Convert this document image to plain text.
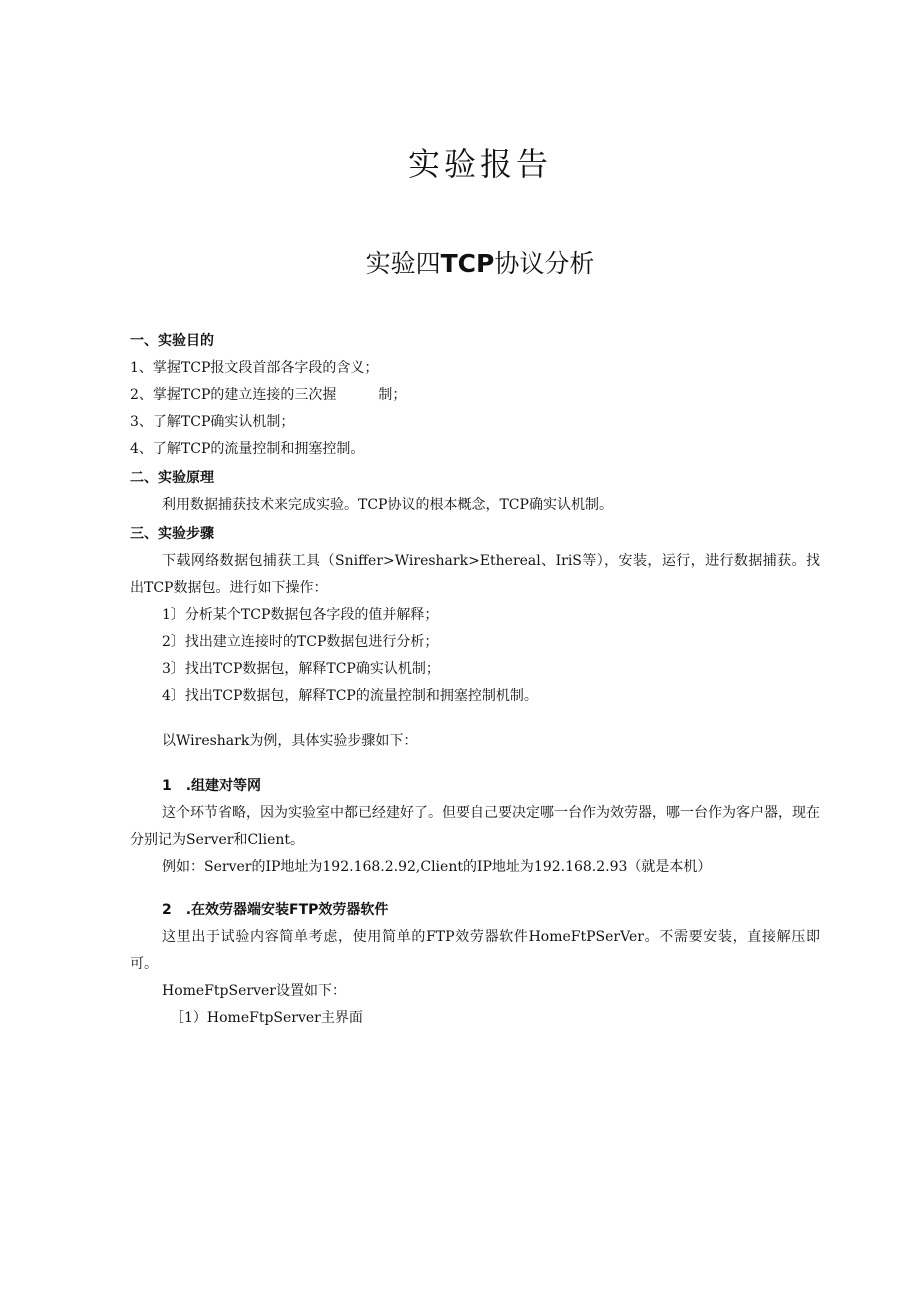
实验报告
实验四TCP协议分析

一、实验目的

1、掌握TCP报文段首部各字段的含义；

2、掌握TCP的建立连接的三次握　　　制；

3、了解TCP确实认机制；

4、了解TCP的流量控制和拥塞控制。

二、实验原理

利用数据捕获技术来完成实验。TCP协议的根本概念，TCP确实认机制。

三、实验步骤

下载网络数据包捕获工具（Sniffer>Wireshark>Ethereal、IriS等），安装，运行，进行数据捕获。找出TCP数据包。进行如下操作：

1〕分析某个TCP数据包各字段的值并解释；

2〕找出建立连接时的TCP数据包进行分析；

3〕找出TCP数据包，解释TCP确实认机制；

4〕找出TCP数据包，解释TCP的流量控制和拥塞控制机制。

以Wireshark为例，具体实验步骤如下：

1　.组建对等网

这个环节省略，因为实验室中都已经建好了。但要自己要决定哪一台作为效劳器，哪一台作为客户器，现在分别记为Server和Client。

例如：Server的IP地址为192.168.2.92,Client的IP地址为192.168.2.93（就是本机）

2　.在效劳器端安装FTP效劳器软件

这里出于试验内容简单考虑，使用简单的FTP效劳器软件HomeFtPSerVer。不需要安装，直接解压即可。

HomeFtpServer设置如下：

［1）HomeFtpServer主界面
